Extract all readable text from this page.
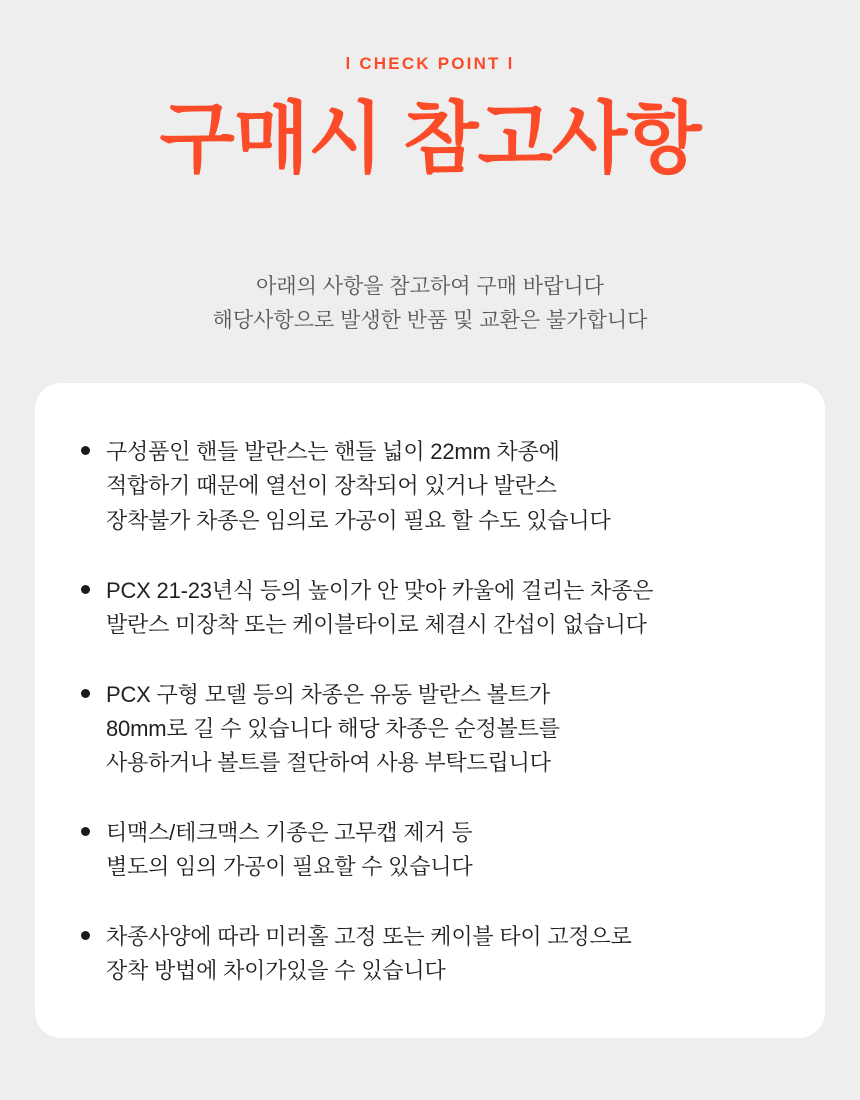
l CHECK POINT l
구매시 참고사항
아래의 사항을 참고하여 구매 바랍니다
해당사항으로 발생한 반품 및 교환은 불가합니다
구성품인 핸들 발란스는 핸들 넓이 22mm 차종에
적합하기 때문에 열선이 장착되어 있거나 발란스
장착불가 차종은 임의로 가공이 필요 할 수도 있습니다
PCX 21-23년식 등의 높이가 안 맞아 카울에 걸리는 차종은
발란스 미장착 또는 케이블타이로 체결시 간섭이 없습니다
PCX 구형 모델 등의 차종은 유동 발란스 볼트가
80mm로 길 수 있습니다 해당 차종은 순정볼트를
사용하거나 볼트를 절단하여 사용 부탁드립니다
티맥스/테크맥스 기종은 고무캡 제거 등
별도의 임의 가공이 필요할 수 있습니다
차종사양에 따라 미러홀 고정 또는 케이블 타이 고정으로
장착 방법에 차이가있을 수 있습니다
